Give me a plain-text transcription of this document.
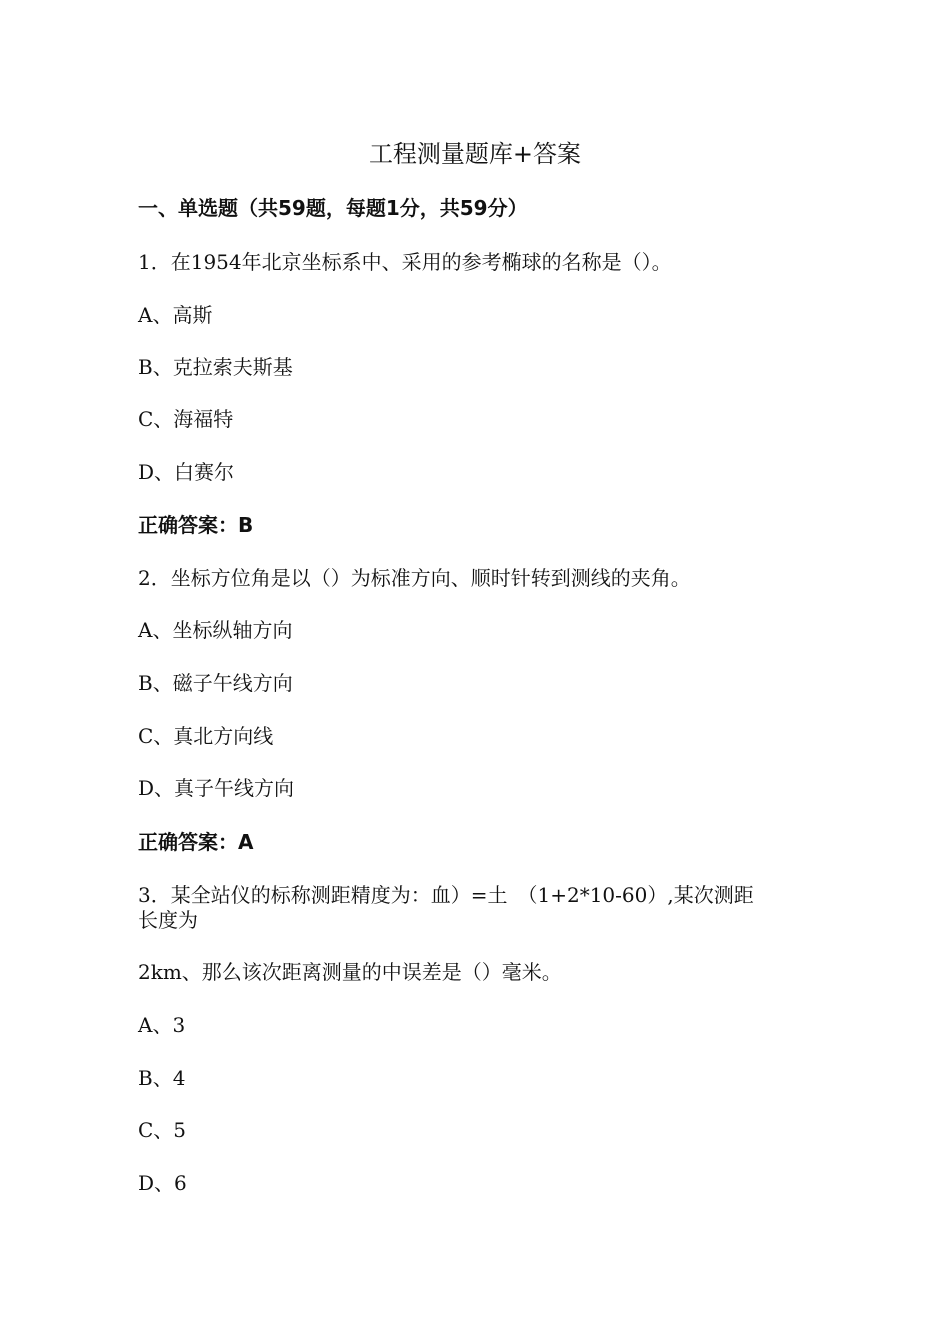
工程测量题库+答案
一、单选题（共59题，每题1分，共59分）
1．在1954年北京坐标系中、采用的参考椭球的名称是（）。
A、高斯
B、克拉索夫斯基
C、海福特
D、白赛尔
正确答案：B
2．坐标方位角是以（）为标准方向、顺时针转到测线的夹角。
A、坐标纵轴方向
B、磁子午线方向
C、真北方向线
D、真子午线方向
正确答案：A
3．某全站仪的标称测距精度为：血）=土　（1+2*10-60）,某次测距
长度为
2km、那么该次距离测量的中误差是（）毫米。
A、3
B、4
C、5
D、6
